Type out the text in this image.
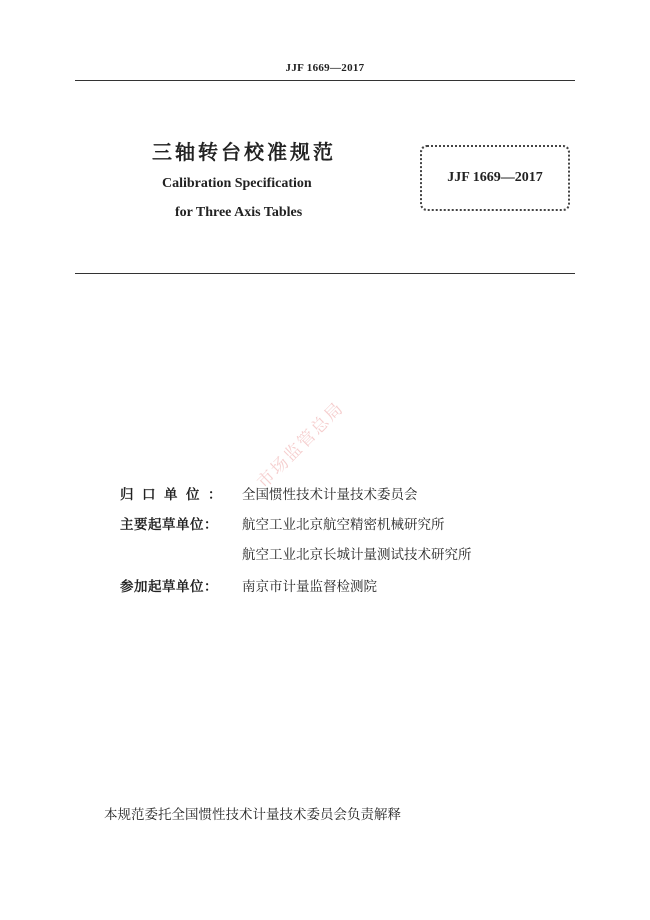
JJF 1669—2017
三轴转台校准规范
Calibration Specification
for Three Axis Tables
JJF 1669—2017
市场监管总局
归口单位： 全国惯性技术计量技术委员会
主要起草单位： 航空工业北京航空精密机械研究所
航空工业北京长城计量测试技术研究所
参加起草单位： 南京市计量监督检测院
本规范委托全国惯性技术计量技术委员会负责解释
